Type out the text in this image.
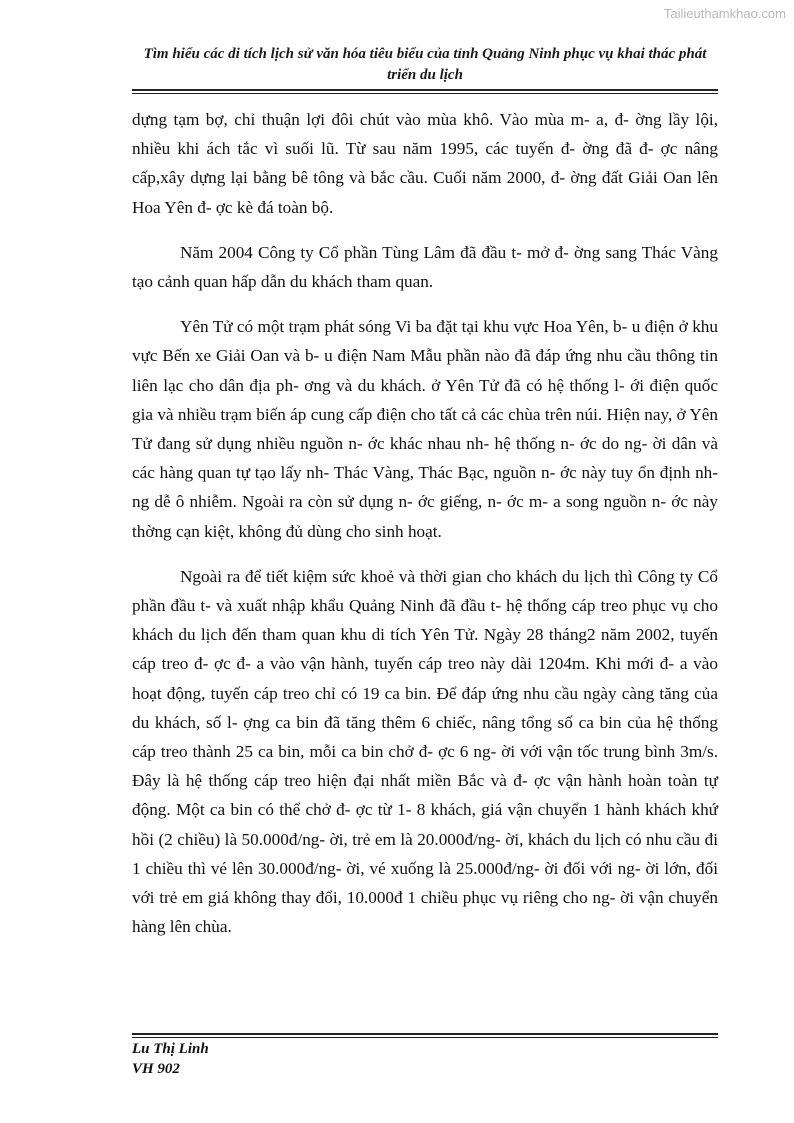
Tailieuthamkhao.com
Tìm hiểu các di tích lịch sử văn hóa tiêu biểu của tỉnh Quảng Ninh phục vụ khai thác phát triển du lịch

dựng tạm bợ, chỉ thuận lợi đôi chút vào mùa khô. Vào mùa m- a, đ- ờng lầy lội, nhiều khi ách tắc vì suối lũ. Từ sau năm 1995, các tuyến đ- ờng đã đ- ợc nâng cấp,xây dựng lại bằng bê tông và bắc cầu. Cuối năm 2000, đ- ờng đất Giải Oan lên Hoa Yên đ- ợc kè đá toàn bộ.

Năm 2004 Công ty Cổ phần Tùng Lâm đã đầu t- mở đ- ờng sang Thác Vàng tạo cảnh quan hấp dẫn du khách tham quan.

Yên Tử có một trạm phát sóng Vi ba đặt tại khu vực Hoa Yên, b- u điện ở khu vực Bến xe Giải Oan và b- u điện Nam Mẫu phần nào đã đáp ứng nhu cầu thông tin liên lạc cho dân địa ph- ơng và du khách. ở Yên Tử đã có hệ thống l- ới điện quốc gia và nhiều trạm biến áp cung cấp điện cho tất cả các chùa trên núi. Hiện nay, ở Yên Tử đang sử dụng nhiều nguồn n- ớc khác nhau nh- hệ thống n- ớc do ng- ời dân và các hàng quan tự tạo lấy nh- Thác Vàng, Thác Bạc, nguồn n- ớc này tuy ổn định nh- ng dễ ô nhiễm. Ngoài ra còn sử dụng n- ớc giếng, n- ớc m- a song nguồn n- ớc này thờng cạn kiệt, không đủ dùng cho sinh hoạt.

Ngoài ra để tiết kiệm sức khoẻ và thời gian cho khách du lịch thì Công ty Cổ phần đầu t- và xuất nhập khẩu Quảng Ninh đã đầu t- hệ thống cáp treo phục vụ cho khách du lịch đến tham quan khu di tích Yên Tử. Ngày 28 tháng2 năm 2002, tuyến cáp treo đ- ợc đ- a vào vận hành, tuyến cáp treo này dài 1204m. Khi mới đ- a vào hoạt động, tuyến cáp treo chỉ có 19 ca bin. Để đáp ứng nhu cầu ngày càng tăng của du khách, số l- ợng ca bin đã tăng thêm 6 chiếc, nâng tổng số ca bin của hệ thống cáp treo thành 25 ca bin, mỗi ca bin chở đ- ợc 6 ng- ời với vận tốc trung bình 3m/s. Đây là hệ thống cáp treo hiện đại nhất miền Bắc và đ- ợc vận hành hoàn toàn tự động. Một ca bin có thể chở đ- ợc từ 1- 8 khách, giá vận chuyển 1 hành khách khứ hồi (2 chiều) là 50.000đ/ng- ời, trẻ em là 20.000đ/ng- ời, khách du lịch có nhu cầu đi 1 chiều thì vé lên 30.000đ/ng- ời, vé xuống là 25.000đ/ng- ời đối với ng- ời lớn, đối với trẻ em giá không thay đổi, 10.000đ 1 chiều phục vụ riêng cho ng- ời vận chuyển hàng lên chùa.

Lu Thị Linh
VH 902
